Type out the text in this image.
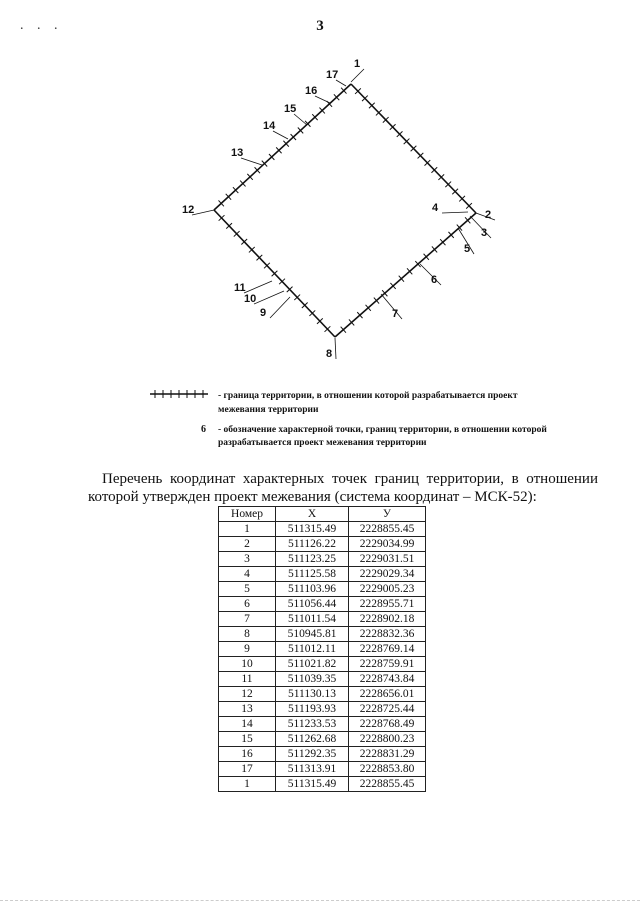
. . .	3
1
2
3
4
5
6
7
8
9
10
11
12
13
14
15
16
17
- граница территории, в отношении которой разрабатывается проект межевания территории
6 - обозначение характерной точки, границ территории, в отношении которой разрабатывается проект межевания территории
Перечень координат характерных точек границ территории, в отношении которой утвержден проект межевания (система координат – МСК-52):
Номер	X	У
1	511315.49	2228855.45
2	511126.22	2229034.99
3	511123.25	2229031.51
4	511125.58	2229029.34
5	511103.96	2229005.23
6	511056.44	2228955.71
7	511011.54	2228902.18
8	510945.81	2228832.36
9	511012.11	2228769.14
10	511021.82	2228759.91
11	511039.35	2228743.84
12	511130.13	2228656.01
13	511193.93	2228725.44
14	511233.53	2228768.49
15	511262.68	2228800.23
16	511292.35	2228831.29
17	511313.91	2228853.80
1	511315.49	2228855.45
